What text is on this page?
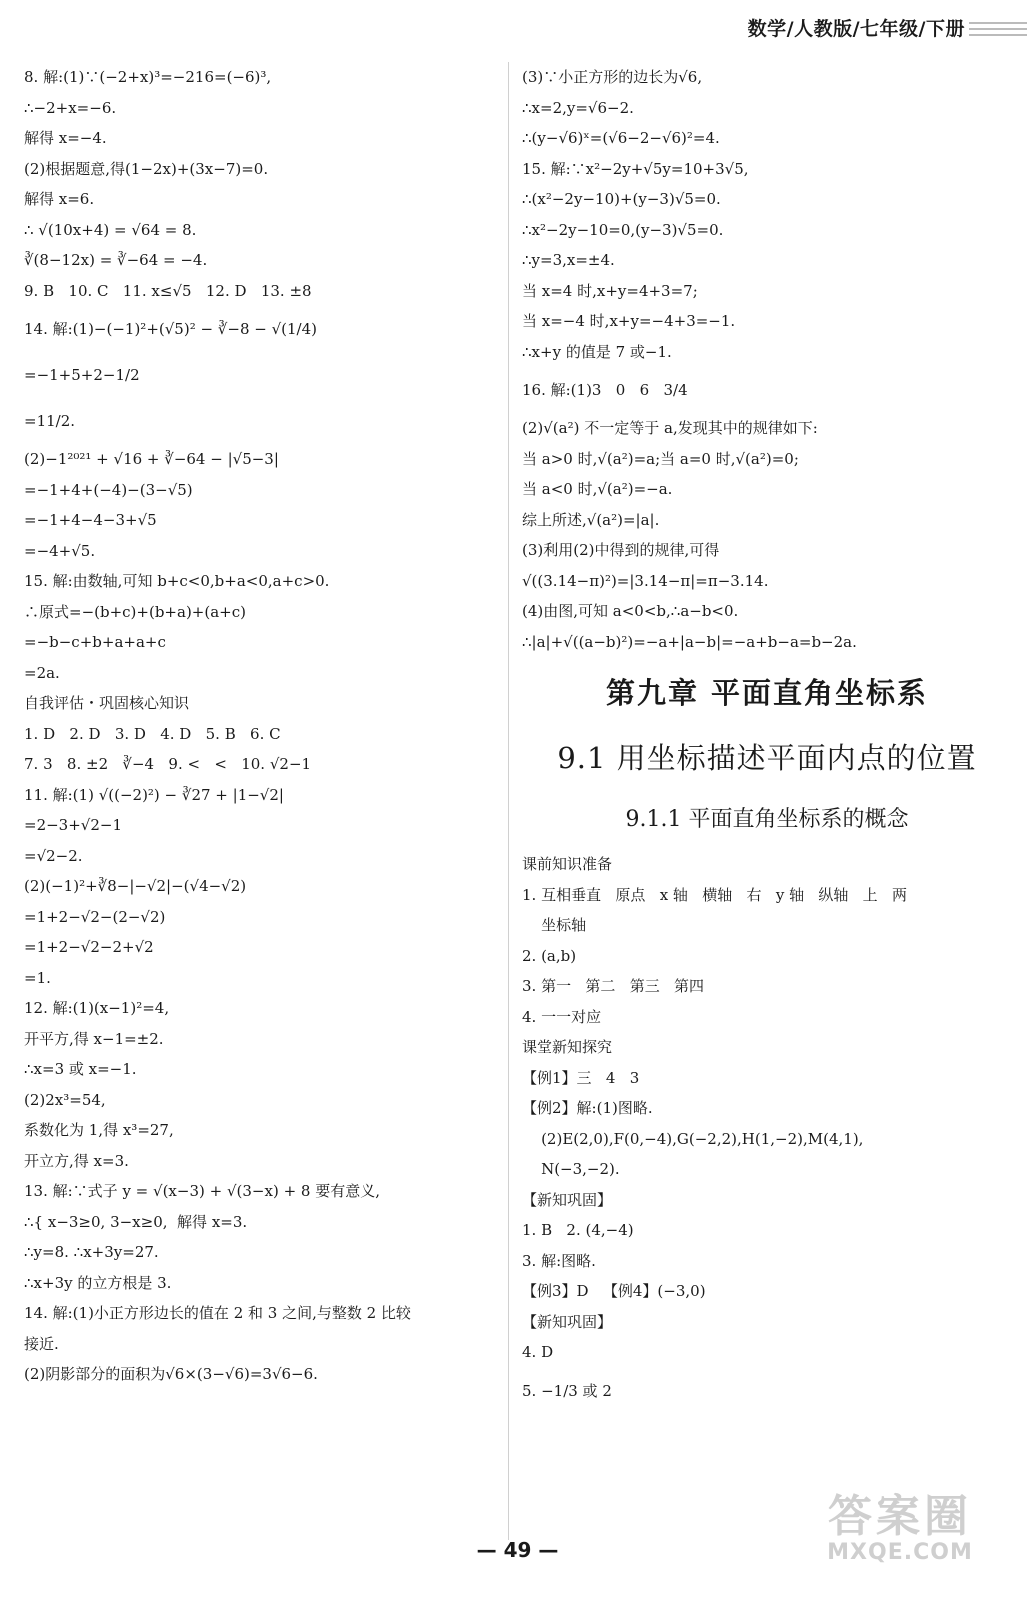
数学/人教版/七年级/下册
8. 解:(1)∵(−2+x)³=−216=(−6)³,
∴−2+x=−6.
解得 x=−4.
(2)根据题意,得(1−2x)+(3x−7)=0.
解得 x=6.
∴ √(10x+4) = √64 = 8.
∛(8−12x) = ∛−64 = −4.
9. B   10. C   11. x≤√5   12. D   13. ±8
14. 解:(1)−(−1)²+(√5)² − ∛−8 − √(1/4)
=−1+5+2−1/2
=11/2.
(2)−1²⁰²¹ + √16 + ∛−64 − |√5−3|
=−1+4+(−4)−(3−√5)
=−1+4−4−3+√5
=−4+√5.
15. 解:由数轴,可知 b+c<0,b+a<0,a+c>0.
∴原式=−(b+c)+(b+a)+(a+c)
=−b−c+b+a+a+c
=2a.
自我评估・巩固核心知识
1. D   2. D   3. D   4. D   5. B   6. C
7. 3   8. ±2   ∛−4   9. <   <   10. √2−1
11. 解:(1) √((−2)²) − ∛27 + |1−√2|
=2−3+√2−1
=√2−2.
(2)(−1)²+∛8−|−√2|−(√4−√2)
=1+2−√2−(2−√2)
=1+2−√2−2+√2
=1.
12. 解:(1)(x−1)²=4,
开平方,得 x−1=±2.
∴x=3 或 x=−1.
(2)2x³=54,
系数化为 1,得 x³=27,
开立方,得 x=3.
13. 解:∵式子 y = √(x−3) + √(3−x) + 8 要有意义,
∴{ x−3≥0, 3−x≥0,  解得 x=3.
∴y=8. ∴x+3y=27.
∴x+3y 的立方根是 3.
14. 解:(1)小正方形边长的值在 2 和 3 之间,与整数 2 比较
接近.
(2)阴影部分的面积为√6×(3−√6)=3√6−6.
(3)∵小正方形的边长为√6,
∴x=2,y=√6−2.
∴(y−√6)ˣ=(√6−2−√6)²=4.
15. 解:∵x²−2y+√5y=10+3√5,
∴(x²−2y−10)+(y−3)√5=0.
∴x²−2y−10=0,(y−3)√5=0.
∴y=3,x=±4.
当 x=4 时,x+y=4+3=7;
当 x=−4 时,x+y=−4+3=−1.
∴x+y 的值是 7 或−1.
16. 解:(1)3   0   6   3/4
(2)√(a²) 不一定等于 a,发现其中的规律如下:
当 a>0 时,√(a²)=a;当 a=0 时,√(a²)=0;
当 a<0 时,√(a²)=−a.
综上所述,√(a²)=|a|.
(3)利用(2)中得到的规律,可得
√((3.14−π)²)=|3.14−π|=π−3.14.
(4)由图,可知 a<0<b,∴a−b<0.
∴|a|+√((a−b)²)=−a+|a−b|=−a+b−a=b−2a.
第九章 平面直角坐标系
9.1 用坐标描述平面内点的位置
9.1.1 平面直角坐标系的概念
课前知识准备
1. 互相垂直   原点   x 轴   横轴   右   y 轴   纵轴   上   两
坐标轴
2. (a,b)
3. 第一   第二   第三   第四
4. 一一对应
课堂新知探究
【例1】三   4   3
【例2】解:(1)图略.
(2)E(2,0),F(0,−4),G(−2,2),H(1,−2),M(4,1),
N(−3,−2).
【新知巩固】
1. B   2. (4,−4)
3. 解:图略.
【例3】D   【例4】(−3,0)
【新知巩固】
4. D
5. −1/3 或 2
— 49 —
答案圈
MXQE.COM
